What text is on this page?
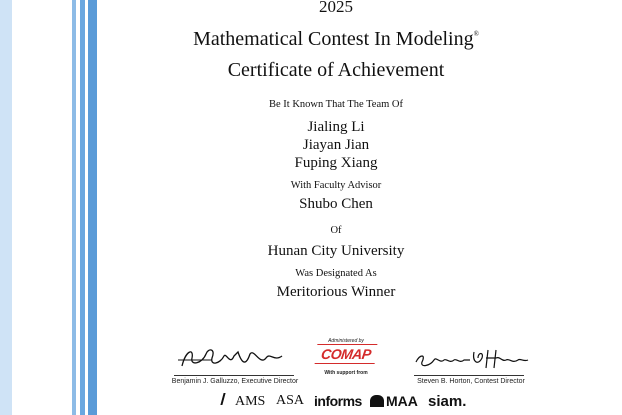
2025
Mathematical Contest In Modeling®
Certificate of Achievement
Be It Known That The Team Of
Jialing Li
Jiayan Jian
Fuping Xiang
With Faculty Advisor
Shubo Chen
Of
Hunan City University
Was Designated As
Meritorious Winner
Benjamin J. Galluzzo, Executive Director
Administered by
COMAP
With support from
Steven B. Horton, Contest Director
AMS ASA informs	MAA siam.
